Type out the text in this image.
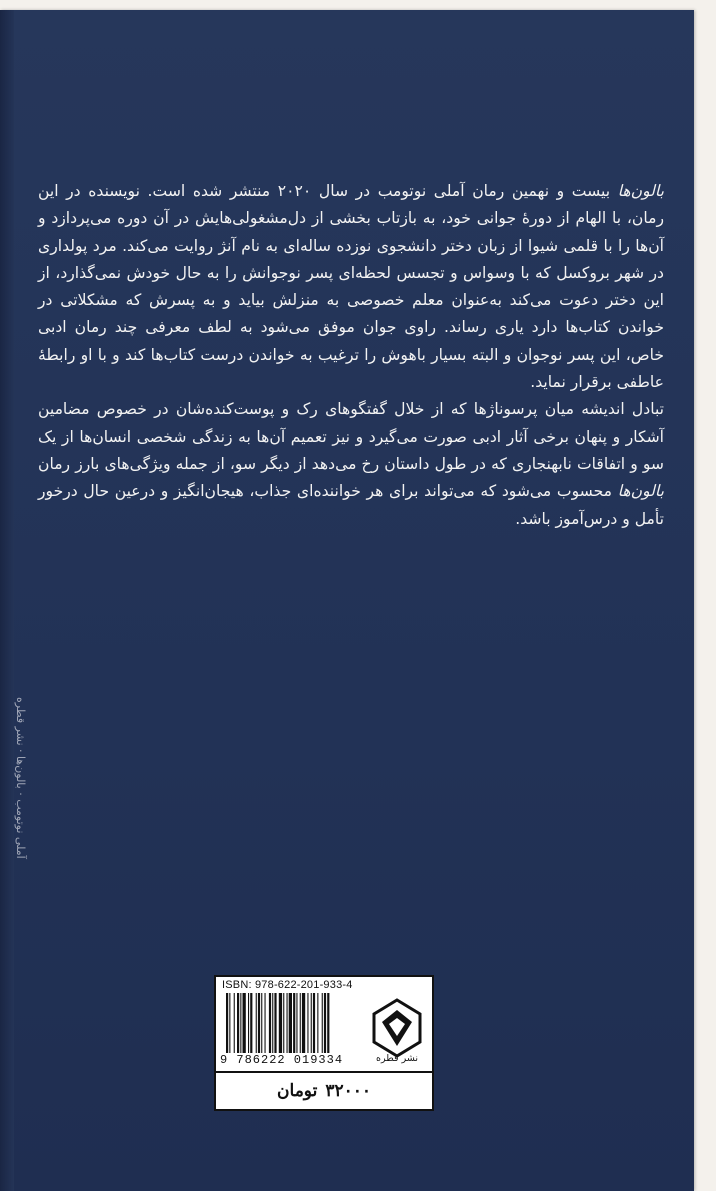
آملی نوتومب · بالون‌ها · نشر قطره

بالون‌ها بیست و نهمین رمان آملی نوتومب در سال ۲۰۲۰ منتشر شده است. نویسنده در این رمان، با الهام از دورهٔ جوانی خود، به بازتاب بخشی از دل‌مشغولی‌هایش در آن دوره می‌پردازد و آن‌ها را با قلمی شیوا از زبان دختر دانشجوی نوزده ساله‌ای به نام آنژ روایت می‌کند. مرد پولداری در شهر بروکسل که با وسواس و تجسس لحظه‌ای پسر نوجوانش را به حال خودش نمی‌گذارد، از این دختر دعوت می‌کند به‌عنوان معلم خصوصی به منزلش بیاید و به پسرش که مشکلاتی در خواندن کتاب‌ها دارد یاری رساند. راوی جوان موفق می‌شود به لطف معرفی چند رمان ادبی خاص، این پسر نوجوان و البته بسیار باهوش را ترغیب به خواندن درست کتاب‌ها کند و با او رابطهٔ عاطفی برقرار نماید.

تبادل اندیشه میان پرسوناژها که از خلال گفتگوهای رک و پوست‌کنده‌شان در خصوص مضامین آشکار و پنهان برخی آثار ادبی صورت می‌گیرد و نیز تعمیم آن‌ها به زندگی شخصی انسان‌ها از یک سو و اتفاقات نابهنجاری که در طول داستان رخ می‌دهد از دیگر سو، از جمله ویژگی‌های بارز رمان بالون‌ها محسوب می‌شود که می‌تواند برای هر خواننده‌ای جذاب، هیجان‌انگیز و درعین حال درخور تأمل و درس‌آموز باشد.

ISBN: 978-622-201-933-4
9 786222 019334	نشر قطره
۳۲۰۰۰
تومان
